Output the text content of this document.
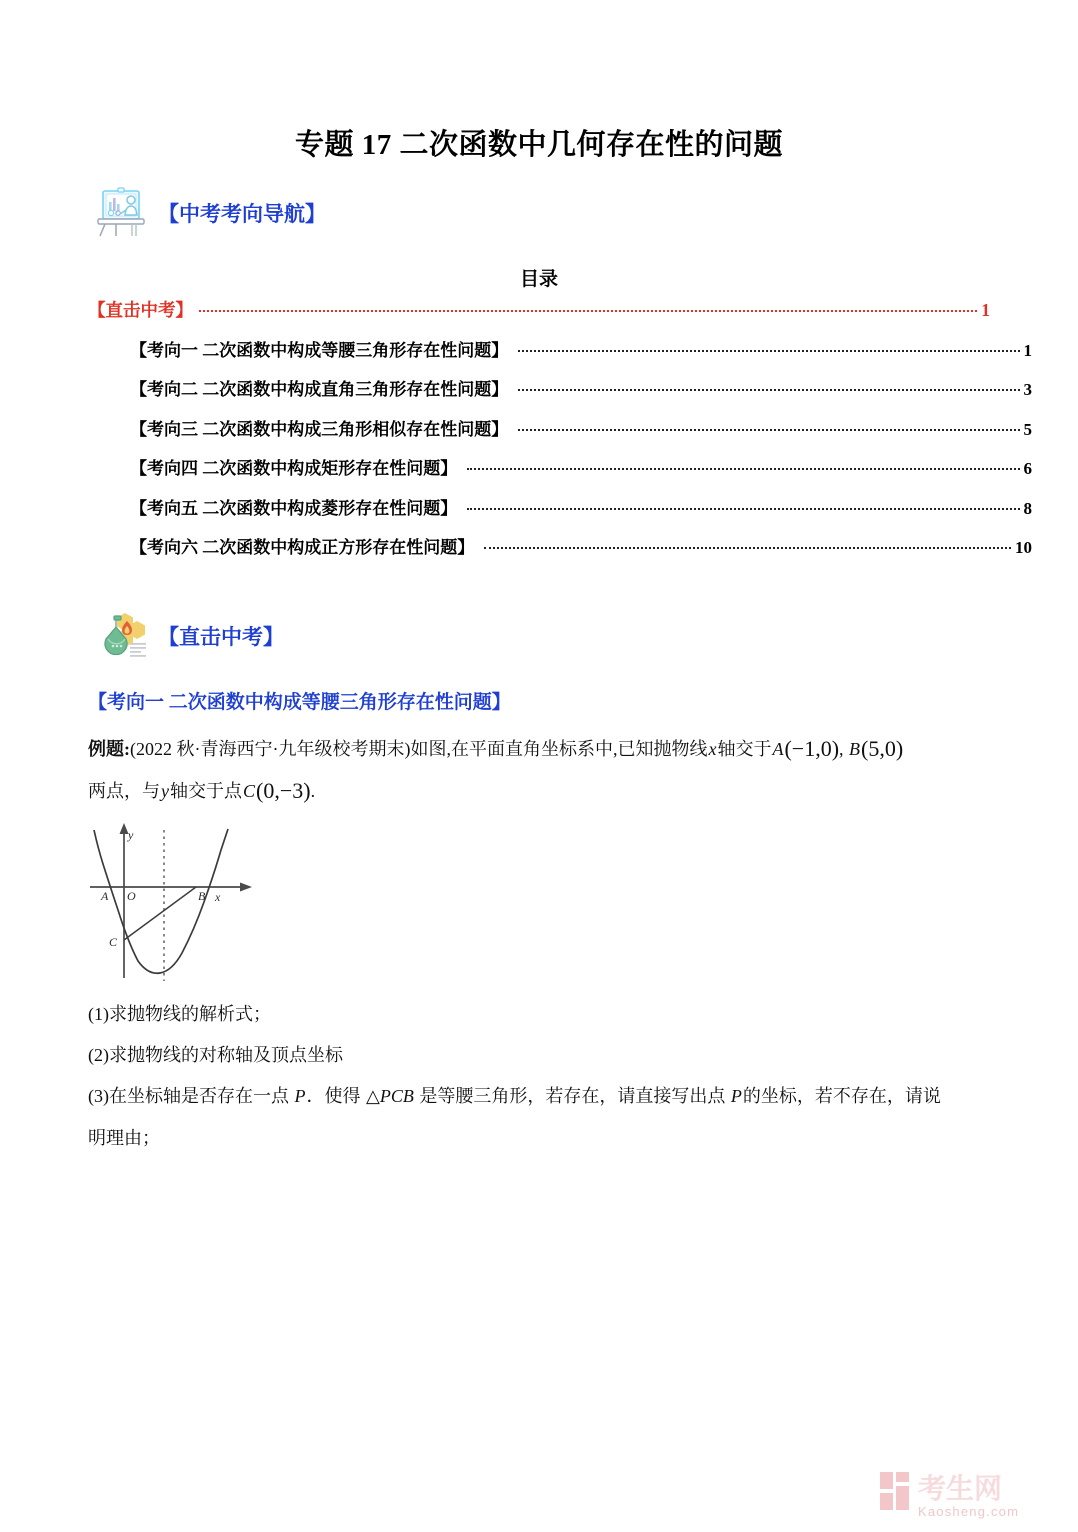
专题 17 二次函数中几何存在性的问题
【中考考向导航】
目录
【直击中考】	1
【考向一 二次函数中构成等腰三角形存在性问题】	1
【考向二 二次函数中构成直角三角形存在性问题】	3
【考向三 二次函数中构成三角形相似存在性问题】	5
【考向四 二次函数中构成矩形存在性问题】	6
【考向五 二次函数中构成菱形存在性问题】	8
【考向六 二次函数中构成正方形存在性问题】	10
【直击中考】
【考向一 二次函数中构成等腰三角形存在性问题】
例题:(2022 秋·青海西宁·九年级校考期末)如图,在平面直角坐标系中,已知抛物线x轴交于A(−1,0), B(5,0)
两点，与y轴交于点C(0,−3).
A O	B x
y
C
(1)求抛物线的解析式；
(2)求抛物线的对称轴及顶点坐标
(3)在坐标轴是否存在一点 P．使得 △PCB 是等腰三角形，若存在，请直接写出点 P的坐标，若不存在，请说
明理由；
考生网
Kaosheng.com
